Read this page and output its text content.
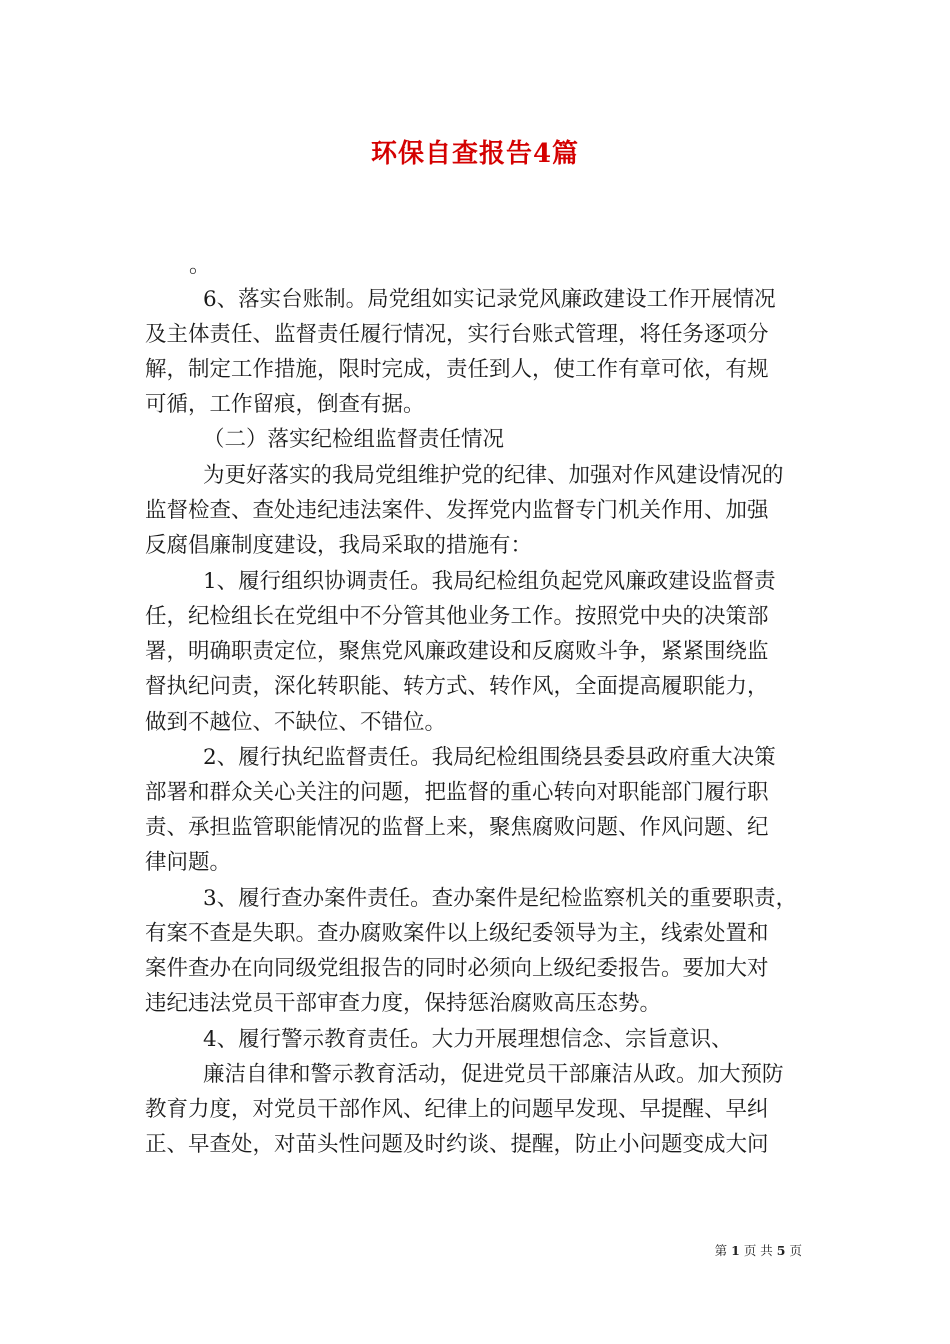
环保自查报告4篇
。
6、落实台账制。局党组如实记录党风廉政建设工作开展情况
及主体责任、监督责任履行情况，实行台账式管理，将任务逐项分
解，制定工作措施，限时完成，责任到人，使工作有章可依，有规
可循，工作留痕，倒查有据。
（二）落实纪检组监督责任情况
为更好落实的我局党组维护党的纪律、加强对作风建设情况的
监督检查、查处违纪违法案件、发挥党内监督专门机关作用、加强
反腐倡廉制度建设，我局采取的措施有：
1、履行组织协调责任。我局纪检组负起党风廉政建设监督责
任，纪检组长在党组中不分管其他业务工作。按照党中央的决策部
署，明确职责定位，聚焦党风廉政建设和反腐败斗争，紧紧围绕监
督执纪问责，深化转职能、转方式、转作风，全面提高履职能力，
做到不越位、不缺位、不错位。
2、履行执纪监督责任。我局纪检组围绕县委县政府重大决策
部署和群众关心关注的问题，把监督的重心转向对职能部门履行职
责、承担监管职能情况的监督上来，聚焦腐败问题、作风问题、纪
律问题。
3、履行查办案件责任。查办案件是纪检监察机关的重要职责，
有案不查是失职。查办腐败案件以上级纪委领导为主，线索处置和
案件查办在向同级党组报告的同时必须向上级纪委报告。要加大对
违纪违法党员干部审查力度，保持惩治腐败高压态势。
4、履行警示教育责任。大力开展理想信念、宗旨意识、
廉洁自律和警示教育活动，促进党员干部廉洁从政。加大预防
教育力度，对党员干部作风、纪律上的问题早发现、早提醒、早纠
正、早查处，对苗头性问题及时约谈、提醒，防止小问题变成大问
第 1 页 共 5 页
